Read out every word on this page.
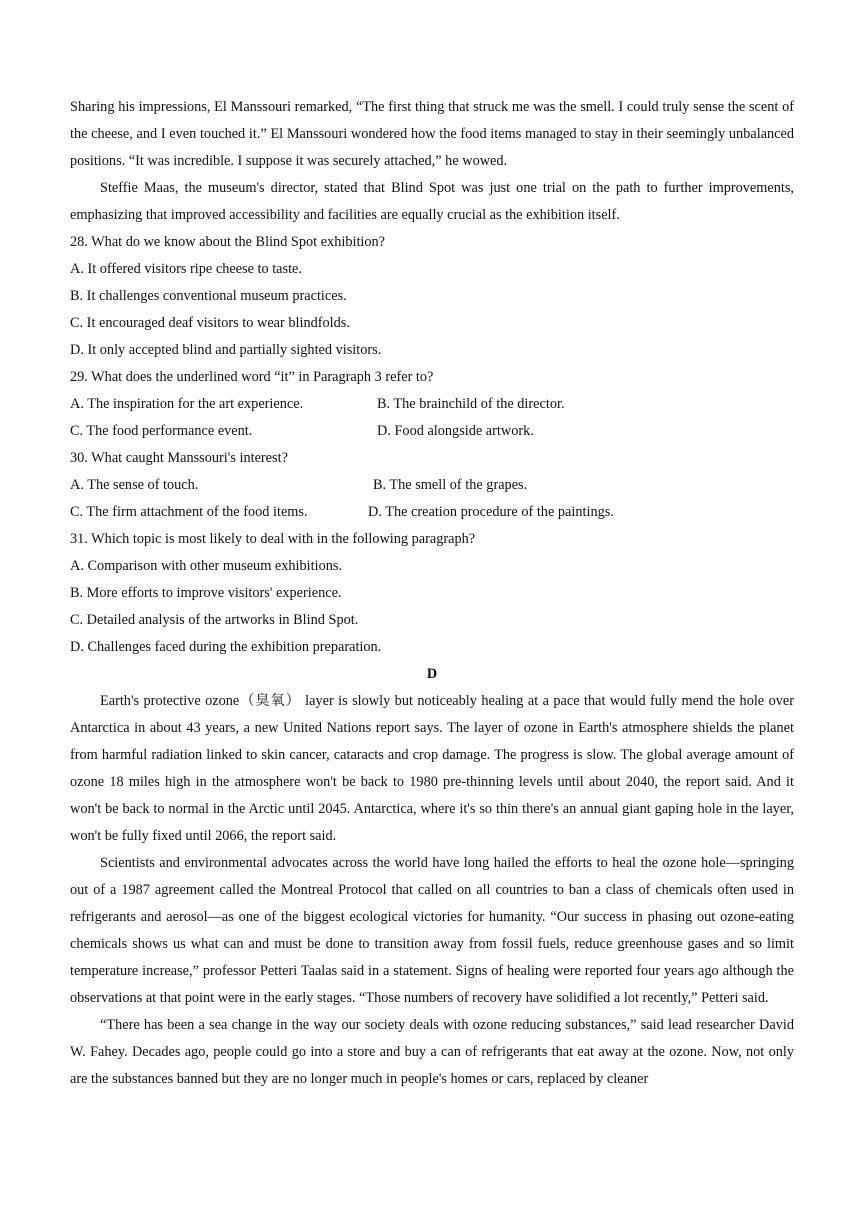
Sharing his impressions, El Manssouri remarked, “The first thing that struck me was the smell. I could truly sense the scent of the cheese, and I even touched it.” El Manssouri wondered how the food items managed to stay in their seemingly unbalanced positions. “It was incredible. I suppose it was securely attached,” he wowed.

Steffie Maas, the museum's director, stated that Blind Spot was just one trial on the path to further improvements, emphasizing that improved accessibility and facilities are equally crucial as the exhibition itself.

28. What do we know about the Blind Spot exhibition?

A. It offered visitors ripe cheese to taste.

B. It challenges conventional museum practices.

C. It encouraged deaf visitors to wear blindfolds.

D. It only accepted blind and partially sighted visitors.

29. What does the underlined word “it” in Paragraph 3 refer to?

A. The inspiration for the art experience.	B. The brainchild of the director.
C. The food performance event.	D. Food alongside artwork.

30. What caught Manssouri's interest?

A. The sense of touch.	B. The smell of the grapes.
C. The firm attachment of the food items.	D. The creation procedure of the paintings.

31. Which topic is most likely to deal with in the following paragraph?

A. Comparison with other museum exhibitions.

B. More efforts to improve visitors' experience.

C. Detailed analysis of the artworks in Blind Spot.

D. Challenges faced during the exhibition preparation.

D

Earth's protective ozone（臭氧） layer is slowly but noticeably healing at a pace that would fully mend the hole over Antarctica in about 43 years, a new United Nations report says. The layer of ozone in Earth's atmosphere shields the planet from harmful radiation linked to skin cancer, cataracts and crop damage. The progress is slow. The global average amount of ozone 18 miles high in the atmosphere won't be back to 1980 pre-thinning levels until about 2040, the report said. And it won't be back to normal in the Arctic until 2045. Antarctica, where it's so thin there's an annual giant gaping hole in the layer, won't be fully fixed until 2066, the report said.

Scientists and environmental advocates across the world have long hailed the efforts to heal the ozone hole—springing out of a 1987 agreement called the Montreal Protocol that called on all countries to ban a class of chemicals often used in refrigerants and aerosol—as one of the biggest ecological victories for humanity. “Our success in phasing out ozone-eating chemicals shows us what can and must be done to transition away from fossil fuels, reduce greenhouse gases and so limit temperature increase,” professor Petteri Taalas said in a statement. Signs of healing were reported four years ago although the observations at that point were in the early stages. “Those numbers of recovery have solidified a lot recently,” Petteri said.

“There has been a sea change in the way our society deals with ozone reducing substances,” said lead researcher David W. Fahey. Decades ago, people could go into a store and buy a can of refrigerants that eat away at the ozone. Now, not only are the substances banned but they are no longer much in people's homes or cars, replaced by cleaner
